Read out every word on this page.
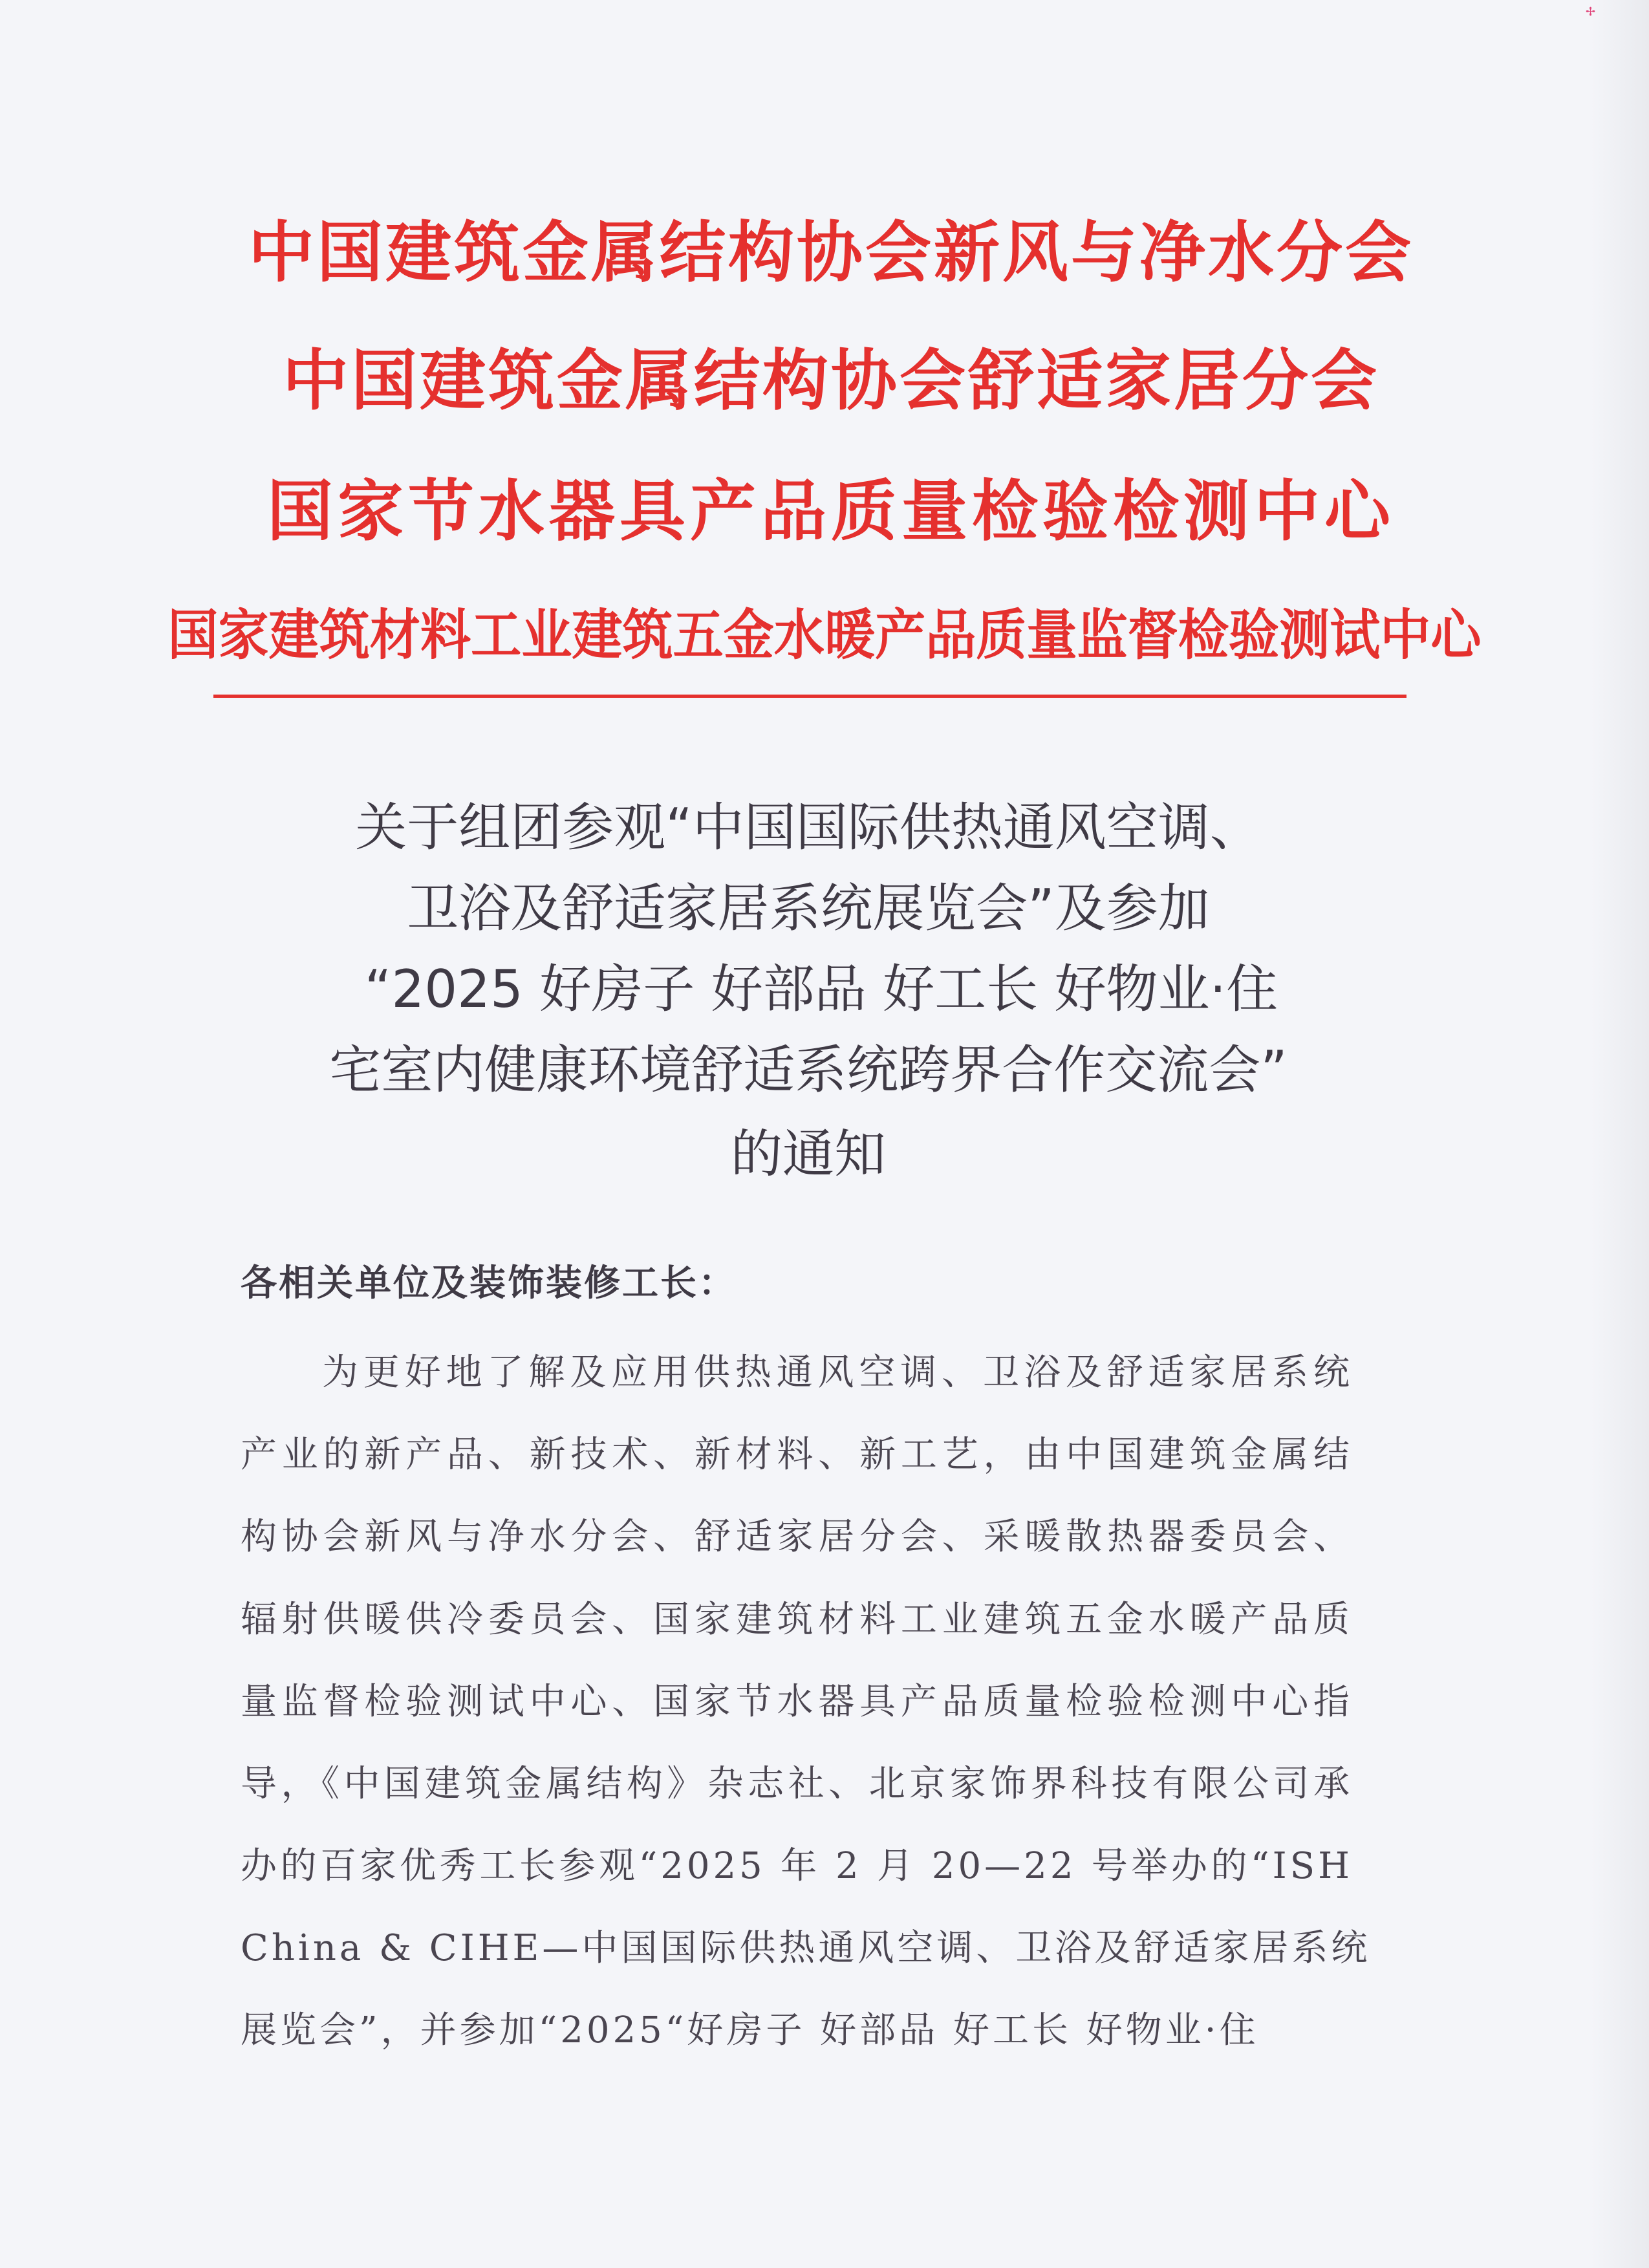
✢
中国建筑金属结构协会新风与净水分会
中国建筑金属结构协会舒适家居分会
国家节水器具产品质量检验检测中心
国家建筑材料工业建筑五金水暖产品质量监督检验测试中心
关于组团参观“中国国际供热通风空调、
卫浴及舒适家居系统展览会”及参加
“2025 好房子 好部品 好工长 好物业·住
宅室内健康环境舒适系统跨界合作交流会”
的通知
各相关单位及装饰装修工长：
为更好地了解及应用供热通风空调、卫浴及舒适家居系统
产业的新产品、新技术、新材料、新工艺，由中国建筑金属结
构协会新风与净水分会、舒适家居分会、采暖散热器委员会、
辐射供暖供冷委员会、国家建筑材料工业建筑五金水暖产品质
量监督检验测试中心、国家节水器具产品质量检验检测中心指
导，《中国建筑金属结构》杂志社、北京家饰界科技有限公司承
办的百家优秀工长参观“2025 年 2 月 20—22 号举办的“ISH
China & CIHE—中国国际供热通风空调、卫浴及舒适家居系统
展览会”，并参加“2025“好房子 好部品 好工长 好物业·住
